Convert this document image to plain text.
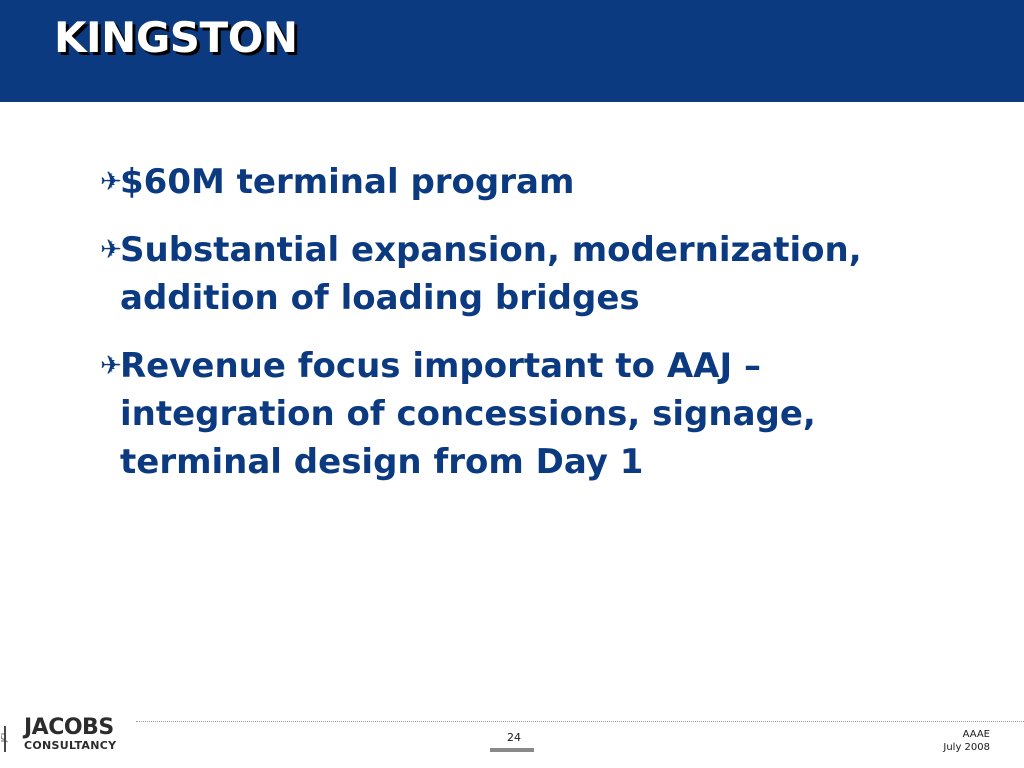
KINGSTON
✈
$60M terminal program
✈
Substantial expansion, modernization, addition of loading bridges
✈
Revenue focus important to AAJ – integration of concessions, signage, terminal design from Day 1
JCI JACOBS
CONSULTANCY
24	AAAE
July 2008
